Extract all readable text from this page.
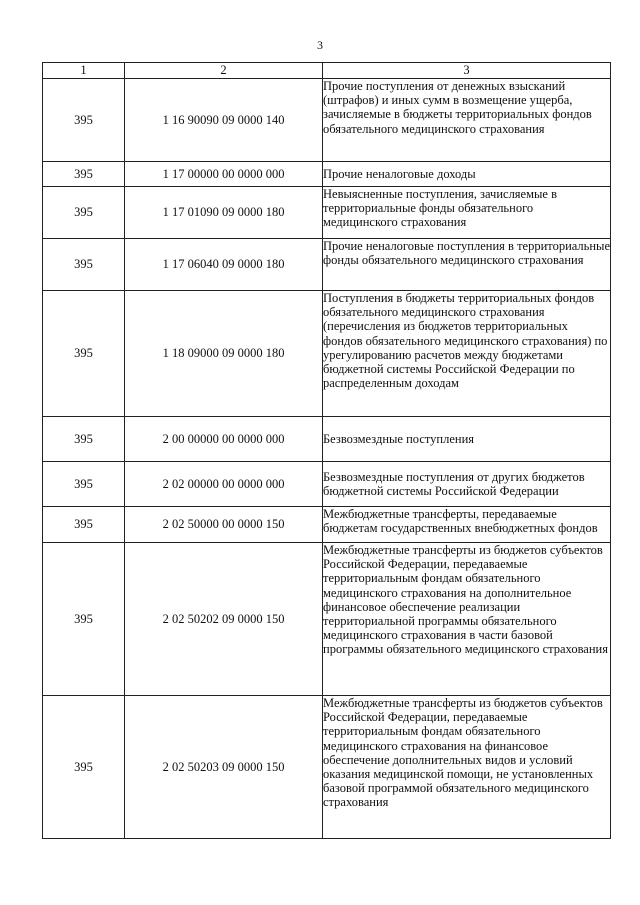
3
1	2	3
395	1 16 90090 09 0000 140	Прочие поступления от денежных взысканий (штрафов) и иных сумм в возмещение ущерба, зачисляемые в бюджеты территориальных фондов обязательного медицинского страхования
395	1 17 00000 00 0000 000	Прочие неналоговые доходы
395	1 17 01090 09 0000 180	Невыясненные поступления, зачисляемые в территориальные фонды обязательного медицинского страхования
395	1 17 06040 09 0000 180	Прочие неналоговые поступления в территориальные фонды обязательного медицинского страхования
395	1 18 09000 09 0000 180	Поступления в бюджеты территориальных фондов обязательного медицинского страхования (перечисления из бюджетов территориальных фондов обязательного медицинского страхования) по урегулированию расчетов между бюджетами бюджетной системы Российской Федерации по распределенным доходам
395	2 00 00000 00 0000 000	Безвозмездные поступления
395	2 02 00000 00 0000 000	Безвозмездные поступления от других бюджетов бюджетной системы Российской Федерации
395	2 02 50000 00 0000 150	Межбюджетные трансферты, передаваемые бюджетам государственных внебюджетных фондов
395	2 02 50202 09 0000 150	Межбюджетные трансферты из бюджетов субъектов Российской Федерации, передаваемые территориальным фондам обязательного медицинского страхования на дополнительное финансовое обеспечение реализации территориальной программы обязательного медицинского страхования в части базовой программы обязательного медицинского страхования
395	2 02 50203 09 0000 150	Межбюджетные трансферты из бюджетов субъектов Российской Федерации, передаваемые территориальным фондам обязательного медицинского страхования на финансовое обеспечение дополнительных видов и условий оказания медицинской помощи, не установленных базовой программой обязательного медицинского страхования
